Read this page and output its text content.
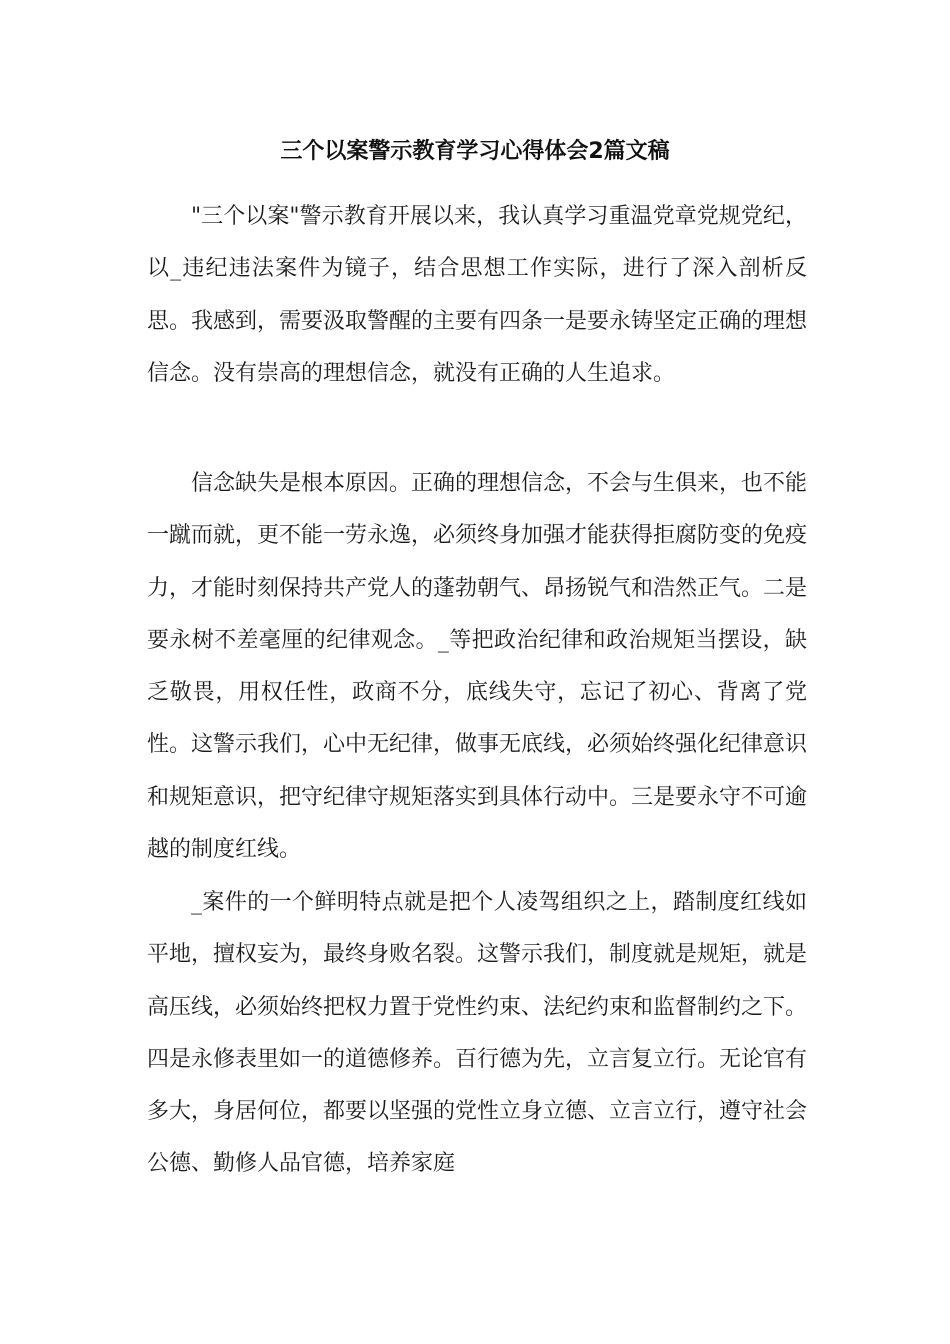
三个以案警示教育学习心得体会2篇文稿

"三个以案"警示教育开展以来，我认真学习重温党章党规党纪，以_违纪违法案件为镜子，结合思想工作实际，进行了深入剖析反思。我感到，需要汲取警醒的主要有四条一是要永铸坚定正确的理想信念。没有崇高的理想信念，就没有正确的人生追求。

信念缺失是根本原因。正确的理想信念，不会与生俱来，也不能一蹴而就，更不能一劳永逸，必须终身加强才能获得拒腐防变的免疫力，才能时刻保持共产党人的蓬勃朝气、昂扬锐气和浩然正气。二是要永树不差毫厘的纪律观念。_等把政治纪律和政治规矩当摆设，缺乏敬畏，用权任性，政商不分，底线失守，忘记了初心、背离了党性。这警示我们，心中无纪律，做事无底线，必须始终强化纪律意识和规矩意识，把守纪律守规矩落实到具体行动中。三是要永守不可逾越的制度红线。

_案件的一个鲜明特点就是把个人凌驾组织之上，踏制度红线如平地，擅权妄为，最终身败名裂。这警示我们，制度就是规矩，就是高压线，必须始终把权力置于党性约束、法纪约束和监督制约之下。四是永修表里如一的道德修养。百行德为先，立言复立行。无论官有多大，身居何位，都要以坚强的党性立身立德、立言立行，遵守社会公德、勤修人品官德，培养家庭
